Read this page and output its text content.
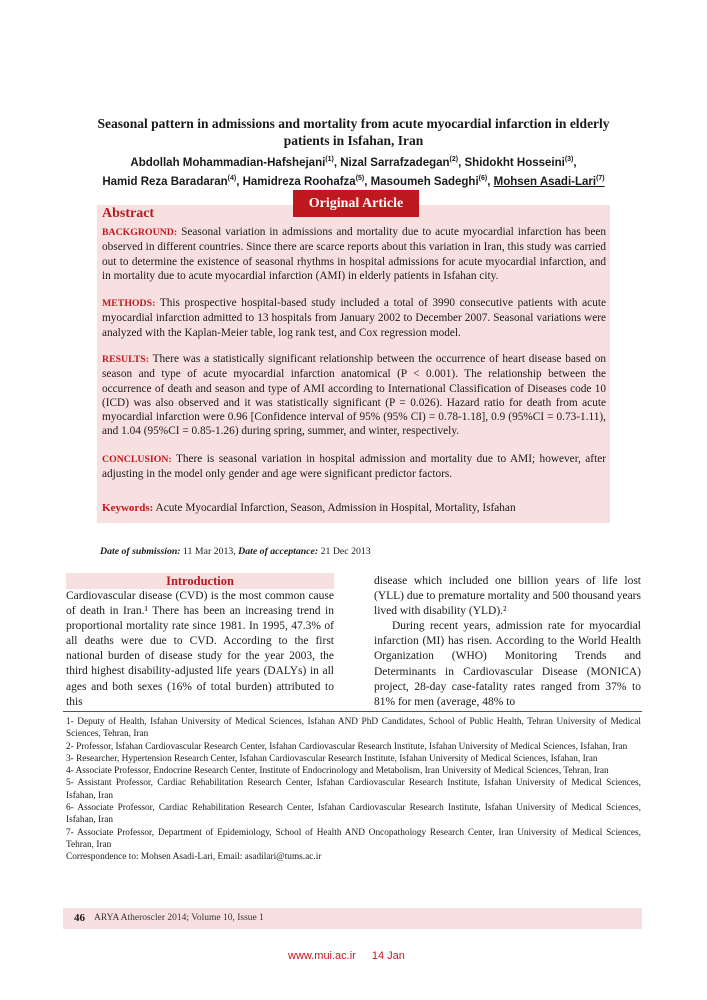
Seasonal pattern in admissions and mortality from acute myocardial infarction in elderly patients in Isfahan, Iran
Abdollah Mohammadian-Hafshejani$^{(1)}$, Nizal Sarrafzadegan$^{(2)}$, Shidokht Hosseini$^{(3)}$,
Hamid Reza Baradaran$^{(4)}$, Hamidreza Roohafza$^{(5)}$, Masoumeh Sadeghi$^{(6)}$, Mohsen Asadi-Lari$^{(7)}$
Original Article
Abstract
BACKGROUND: Seasonal variation in admissions and mortality due to acute myocardial infarction has been observed in different countries. Since there are scarce reports about this variation in Iran, this study was carried out to determine the existence of seasonal rhythms in hospital admissions for acute myocardial infarction, and in mortality due to acute myocardial infarction (AMI) in elderly patients in Isfahan city.
METHODS: This prospective hospital-based study included a total of 3990 consecutive patients with acute myocardial infarction admitted to 13 hospitals from January 2002 to December 2007. Seasonal variations were analyzed with the Kaplan-Meier table, log rank test, and Cox regression model.
RESULTS: There was a statistically significant relationship between the occurrence of heart disease based on season and type of acute myocardial infarction anatomical (P < 0.001). The relationship between the occurrence of death and season and type of AMI according to International Classification of Diseases code 10 (ICD) was also observed and it was statistically significant (P = 0.026). Hazard ratio for death from acute myocardial infarction were 0.96 [Confidence interval of 95% (95% CI) = 0.78-1.18], 0.9 (95%CI = 0.73-1.11), and 1.04 (95%CI = 0.85-1.26) during spring, summer, and winter, respectively.
CONCLUSION: There is seasonal variation in hospital admission and mortality due to AMI; however, after adjusting in the model only gender and age were significant predictor factors.
Keywords: Acute Myocardial Infarction, Season, Admission in Hospital, Mortality, Isfahan
Date of submission: 11 Mar 2013, Date of acceptance: 21 Dec 2013
Introduction

Cardiovascular disease (CVD) is the most common cause of death in Iran.¹ There has been an increasing trend in proportional mortality rate since 1981. In 1995, 47.3% of all deaths were due to CVD. According to the first national burden of disease study for the year 2003, the third highest disability-adjusted life years (DALYs) in all ages and both sexes (16% of total burden) attributed to this

disease which included one billion years of life lost (YLL) due to premature mortality and 500 thousand years lived with disability (YLD).²

During recent years, admission rate for myocardial infarction (MI) has risen. According to the World Health Organization (WHO) Monitoring Trends and Determinants in Cardiovascular Disease (MONICA) project, 28-day case-fatality rates ranged from 37% to 81% for men (average, 48% to

1- Deputy of Health, Isfahan University of Medical Sciences, Isfahan AND PhD Candidates, School of Public Health, Tehran University of Medical Sciences, Tehran, Iran

2- Professor, Isfahan Cardiovascular Research Center, Isfahan Cardiovascular Research Institute, Isfahan University of Medical Sciences, Isfahan, Iran

3- Researcher, Hypertension Research Center, Isfahan Cardiovascular Research Institute, Isfahan University of Medical Sciences, Isfahan, Iran

4- Associate Professor, Endocrine Research Center, Institute of Endocrinology and Metabolism, Iran University of Medical Sciences, Tehran, Iran

5- Assistant Professor, Cardiac Rehabilitation Research Center, Isfahan Cardiovascular Research Institute, Isfahan University of Medical Sciences, Isfahan, Iran

6- Associate Professor, Cardiac Rehabilitation Research Center, Isfahan Cardiovascular Research Institute, Isfahan University of Medical Sciences, Isfahan, Iran

7- Associate Professor, Department of Epidemiology, School of Health AND Oncopathology Research Center, Iran University of Medical Sciences, Tehran, Iran

Correspondence to: Mohsen Asadi-Lari, Email: asadilari@tums.ac.ir

46 ARYA Atheroscler 2014; Volume 10, Issue 1
www.mui.ac.ir 14 Jan
